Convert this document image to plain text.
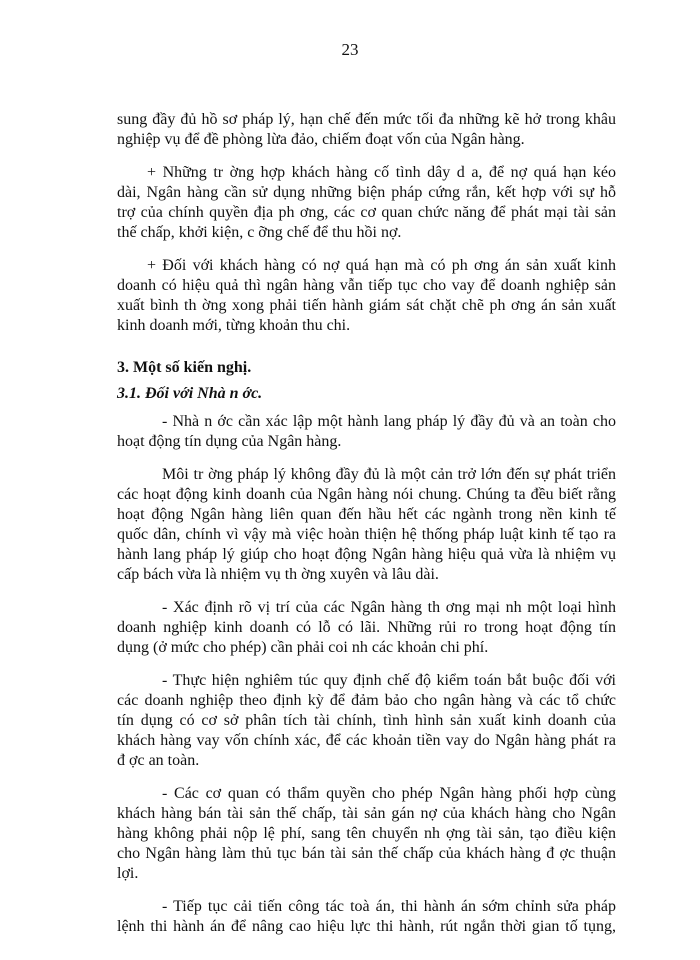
23
sung đầy đủ hồ sơ pháp lý, hạn chế đến mức tối đa những kẽ hở trong khâu
nghiệp vụ để đề phòng lừa đảo, chiếm đoạt vốn của Ngân hàng.
+ Những tr ờng hợp khách hàng cố tình dây d a, để nợ quá hạn kéo
dài, Ngân hàng cần sử dụng những biện pháp cứng rắn, kết hợp với sự hỗ
trợ của chính quyền địa ph ơng, các cơ quan chức năng để phát mại tài sản
thế chấp, khởi kiện, c ỡng chế để thu hồi nợ.
+ Đối với khách hàng có nợ quá hạn mà có ph ơng án sản xuất kinh
doanh có hiệu quả thì ngân hàng vẫn tiếp tục cho vay để doanh nghiệp sản
xuất bình th ờng xong phải tiến hành giám sát chặt chẽ ph ơng án sản xuất
kinh doanh mới, từng khoản thu chi.
3. Một số kiến nghị.
3.1. Đối với Nhà n ớc.
- Nhà n ớc cần xác lập một hành lang pháp lý đầy đủ và an toàn cho
hoạt động tín dụng của Ngân hàng.
Môi tr ờng pháp lý không đầy đủ là một cản trở lớn đến sự phát triển
các hoạt động kinh doanh của Ngân hàng nói chung. Chúng ta đều biết rằng
hoạt động Ngân hàng liên quan đến hầu hết các ngành trong nền kinh tế
quốc dân, chính vì vậy mà việc hoàn thiện hệ thống pháp luật kinh tế tạo ra
hành lang pháp lý giúp cho hoạt động Ngân hàng hiệu quả vừa là nhiệm vụ
cấp bách vừa là nhiệm vụ th ờng xuyên và lâu dài.
- Xác định rõ vị trí của các Ngân hàng th ơng mại nh một loại hình
doanh nghiệp kinh doanh có lỗ có lãi. Những rủi ro trong hoạt động tín
dụng (ở mức cho phép) cần phải coi nh các khoản chi phí.
- Thực hiện nghiêm túc quy định chế độ kiểm toán bắt buộc đối với
các doanh nghiệp theo định kỳ để đảm bảo cho ngân hàng và các tổ chức
tín dụng có cơ sở phân tích tài chính, tình hình sản xuất kinh doanh của
khách hàng vay vốn chính xác, để các khoản tiền vay do Ngân hàng phát ra
đ ợc an toàn.
- Các cơ quan có thẩm quyền cho phép Ngân hàng phối hợp cùng
khách hàng bán tài sản thế chấp, tài sản gán nợ của khách hàng cho Ngân
hàng không phải nộp lệ phí, sang tên chuyển nh ợng tài sản, tạo điều kiện
cho Ngân hàng làm thủ tục bán tài sản thế chấp của khách hàng đ ợc thuận
lợi.
- Tiếp tục cải tiến công tác toà án, thi hành án sớm chỉnh sửa pháp
lệnh thi hành án để nâng cao hiệu lực thi hành, rút ngắn thời gian tố tụng,
